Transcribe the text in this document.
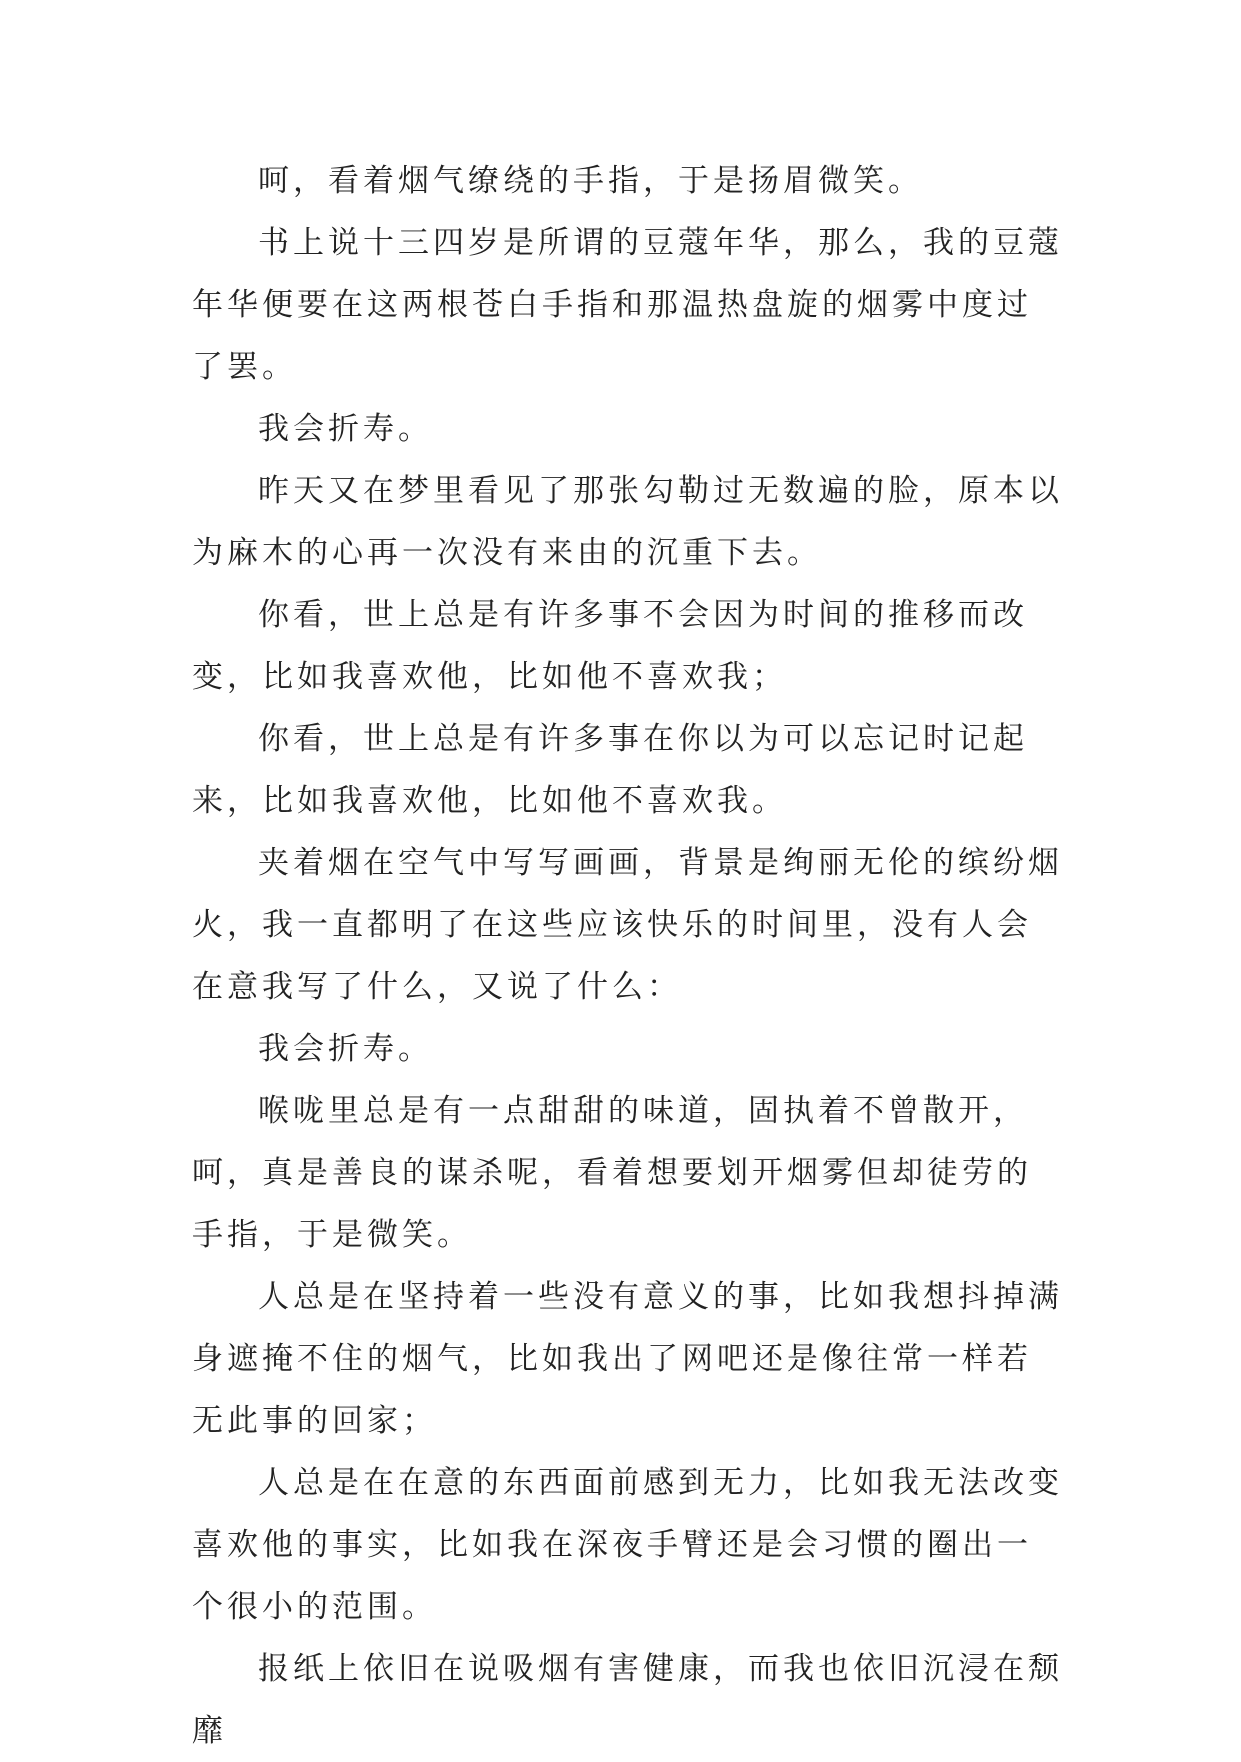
呵，看着烟气缭绕的手指，于是扬眉微笑。

书上说十三四岁是所谓的豆蔻年华，那么，我的豆蔻年华便要在这两根苍白手指和那温热盘旋的烟雾中度过了罢。

我会折寿。

昨天又在梦里看见了那张勾勒过无数遍的脸，原本以为麻木的心再一次没有来由的沉重下去。

你看，世上总是有许多事不会因为时间的推移而改变，比如我喜欢他，比如他不喜欢我；

你看，世上总是有许多事在你以为可以忘记时记起来，比如我喜欢他，比如他不喜欢我。

夹着烟在空气中写写画画，背景是绚丽无伦的缤纷烟火，我一直都明了在这些应该快乐的时间里，没有人会在意我写了什么，又说了什么：

我会折寿。

喉咙里总是有一点甜甜的味道，固执着不曾散开，呵，真是善良的谋杀呢，看着想要划开烟雾但却徒劳的手指，于是微笑。

人总是在坚持着一些没有意义的事，比如我想抖掉满身遮掩不住的烟气，比如我出了网吧还是像往常一样若无此事的回家；

人总是在在意的东西面前感到无力，比如我无法改变喜欢他的事实，比如我在深夜手臂还是会习惯的圈出一个很小的范围。

报纸上依旧在说吸烟有害健康，而我也依旧沉浸在颓靡
